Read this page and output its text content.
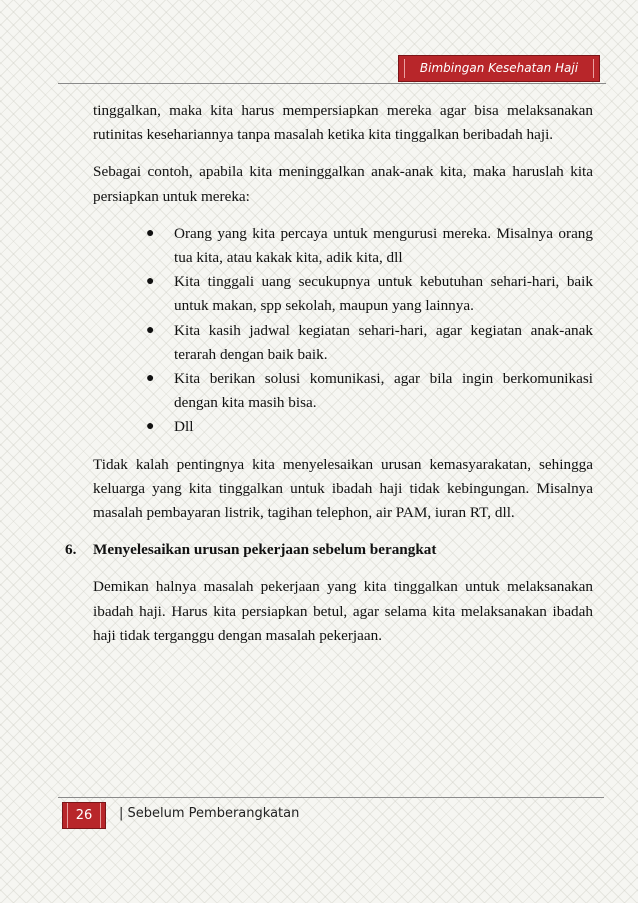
Bimbingan Kesehatan Haji

tinggalkan, maka kita harus mempersiapkan mereka agar bisa melaksanakan rutinitas kesehariannya tanpa masalah ketika kita tinggalkan beribadah haji.

Sebagai contoh, apabila kita meninggalkan anak-anak kita, maka haruslah kita persiapkan untuk mereka:

● Orang yang kita percaya untuk mengurusi mereka. Misalnya orang tua kita, atau kakak kita, adik kita, dll
● Kita tinggali uang secukupnya untuk kebutuhan sehari-hari, baik untuk makan, spp sekolah, maupun yang lainnya.
● Kita kasih jadwal kegiatan sehari-hari, agar kegiatan anak-anak terarah dengan baik baik.
● Kita berikan solusi komunikasi, agar bila ingin berkomunikasi dengan kita masih bisa.
● Dll

Tidak kalah pentingnya kita menyelesaikan urusan kemasyarakatan, sehingga keluarga yang kita tinggalkan untuk ibadah haji tidak kebingungan. Misalnya masalah pembayaran listrik, tagihan telephon, air PAM, iuran RT, dll.

6. Menyelesaikan urusan pekerjaan sebelum berangkat

Demikan halnya masalah pekerjaan yang kita tinggalkan untuk melaksanakan ibadah haji. Harus kita persiapkan betul, agar selama kita melaksanakan ibadah haji tidak terganggu dengan masalah pekerjaan.

26	| Sebelum Pemberangkatan
